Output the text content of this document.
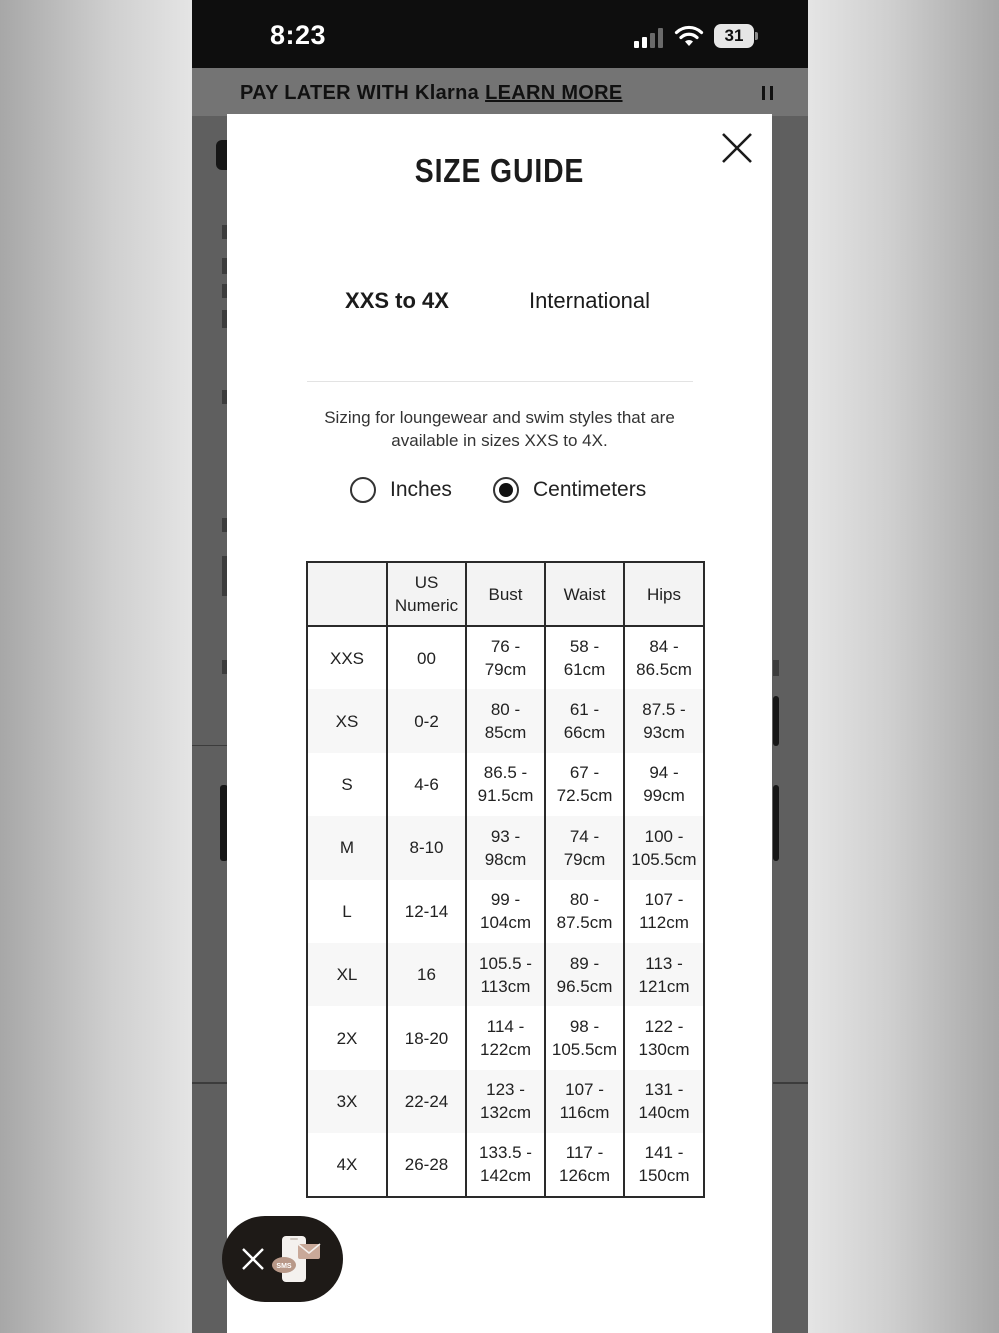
8:23	31
PAY LATER WITH Klarna LEARN MORE
SIZE GUIDE
XXS to 4X	International
Sizing for loungewear and swim styles that are available in sizes XXS to 4X.
Inches	Centimeters
	US Numeric	Bust	Waist	Hips
XXS	00	76 - 79cm	58 - 61cm	84 - 86.5cm
XS	0-2	80 - 85cm	61 - 66cm	87.5 - 93cm
S	4-6	86.5 - 91.5cm	67 - 72.5cm	94 - 99cm
M	8-10	93 - 98cm	74 - 79cm	100 - 105.5cm
L	12-14	99 - 104cm	80 - 87.5cm	107 - 112cm
XL	16	105.5 - 113cm	89 - 96.5cm	113 - 121cm
2X	18-20	114 - 122cm	98 - 105.5cm	122 - 130cm
3X	22-24	123 - 132cm	107 - 116cm	131 - 140cm
4X	26-28	133.5 - 142cm	117 - 126cm	141 - 150cm
SMS
